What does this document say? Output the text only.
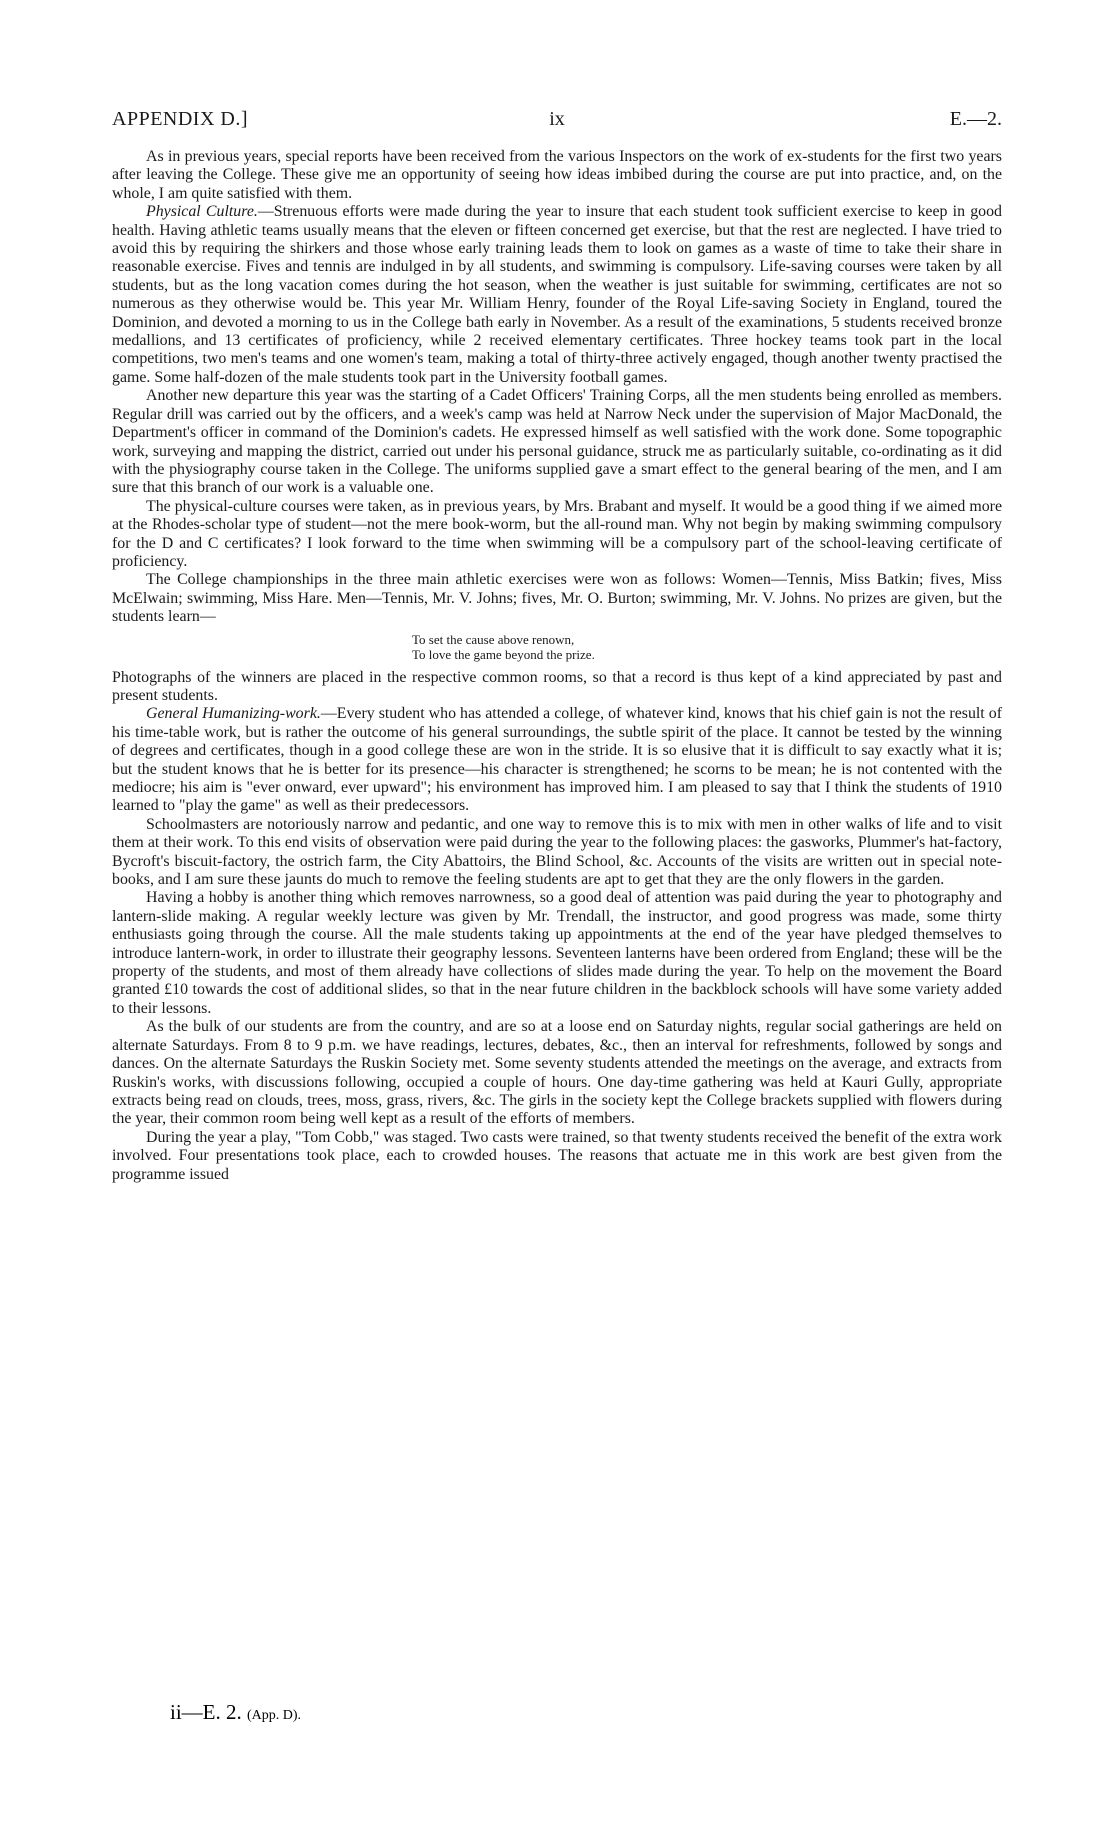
APPENDIX D.]	ix	E.—2.

As in previous years, special reports have been received from the various Inspectors on the work of ex-students for the first two years after leaving the College. These give me an opportunity of seeing how ideas imbibed during the course are put into practice, and, on the whole, I am quite satisfied with them.

Physical Culture.—Strenuous efforts were made during the year to insure that each student took sufficient exercise to keep in good health. Having athletic teams usually means that the eleven or fifteen concerned get exercise, but that the rest are neglected. I have tried to avoid this by requiring the shirkers and those whose early training leads them to look on games as a waste of time to take their share in reasonable exercise. Fives and tennis are indulged in by all students, and swimming is compulsory. Life-saving courses were taken by all students, but as the long vacation comes during the hot season, when the weather is just suitable for swimming, certificates are not so numerous as they otherwise would be. This year Mr. William Henry, founder of the Royal Life-saving Society in England, toured the Dominion, and devoted a morning to us in the College bath early in November. As a result of the examinations, 5 students received bronze medallions, and 13 certificates of proficiency, while 2 received elementary certificates. Three hockey teams took part in the local competitions, two men's teams and one women's team, making a total of thirty-three actively engaged, though another twenty practised the game. Some half-dozen of the male students took part in the University football games.

Another new departure this year was the starting of a Cadet Officers' Training Corps, all the men students being enrolled as members. Regular drill was carried out by the officers, and a week's camp was held at Narrow Neck under the supervision of Major MacDonald, the Department's officer in command of the Dominion's cadets. He expressed himself as well satisfied with the work done. Some topographic work, surveying and mapping the district, carried out under his personal guidance, struck me as particularly suitable, co-ordinating as it did with the physiography course taken in the College. The uniforms supplied gave a smart effect to the general bearing of the men, and I am sure that this branch of our work is a valuable one.

The physical-culture courses were taken, as in previous years, by Mrs. Brabant and myself. It would be a good thing if we aimed more at the Rhodes-scholar type of student—not the mere book-worm, but the all-round man. Why not begin by making swimming compulsory for the D and C certificates? I look forward to the time when swimming will be a compulsory part of the school-leaving certificate of proficiency.

The College championships in the three main athletic exercises were won as follows: Women—Tennis, Miss Batkin; fives, Miss McElwain; swimming, Miss Hare. Men—Tennis, Mr. V. Johns; fives, Mr. O. Burton; swimming, Mr. V. Johns. No prizes are given, but the students learn—

To set the cause above renown,
To love the game beyond the prize.

Photographs of the winners are placed in the respective common rooms, so that a record is thus kept of a kind appreciated by past and present students.

General Humanizing-work.—Every student who has attended a college, of whatever kind, knows that his chief gain is not the result of his time-table work, but is rather the outcome of his general surroundings, the subtle spirit of the place. It cannot be tested by the winning of degrees and certificates, though in a good college these are won in the stride. It is so elusive that it is difficult to say exactly what it is; but the student knows that he is better for its presence—his character is strengthened; he scorns to be mean; he is not contented with the mediocre; his aim is "ever onward, ever upward"; his environment has improved him. I am pleased to say that I think the students of 1910 learned to "play the game" as well as their predecessors.

Schoolmasters are notoriously narrow and pedantic, and one way to remove this is to mix with men in other walks of life and to visit them at their work. To this end visits of observation were paid during the year to the following places: the gasworks, Plummer's hat-factory, Bycroft's biscuit-factory, the ostrich farm, the City Abattoirs, the Blind School, &c. Accounts of the visits are written out in special note-books, and I am sure these jaunts do much to remove the feeling students are apt to get that they are the only flowers in the garden.

Having a hobby is another thing which removes narrowness, so a good deal of attention was paid during the year to photography and lantern-slide making. A regular weekly lecture was given by Mr. Trendall, the instructor, and good progress was made, some thirty enthusiasts going through the course. All the male students taking up appointments at the end of the year have pledged themselves to introduce lantern-work, in order to illustrate their geography lessons. Seventeen lanterns have been ordered from England; these will be the property of the students, and most of them already have collections of slides made during the year. To help on the movement the Board granted £10 towards the cost of additional slides, so that in the near future children in the backblock schools will have some variety added to their lessons.

As the bulk of our students are from the country, and are so at a loose end on Saturday nights, regular social gatherings are held on alternate Saturdays. From 8 to 9 p.m. we have readings, lectures, debates, &c., then an interval for refreshments, followed by songs and dances. On the alternate Saturdays the Ruskin Society met. Some seventy students attended the meetings on the average, and extracts from Ruskin's works, with discussions following, occupied a couple of hours. One day-time gathering was held at Kauri Gully, appropriate extracts being read on clouds, trees, moss, grass, rivers, &c. The girls in the society kept the College brackets supplied with flowers during the year, their common room being well kept as a result of the efforts of members.

During the year a play, "Tom Cobb," was staged. Two casts were trained, so that twenty students received the benefit of the extra work involved. Four presentations took place, each to crowded houses. The reasons that actuate me in this work are best given from the programme issued

ii—E. 2. (App. D).
